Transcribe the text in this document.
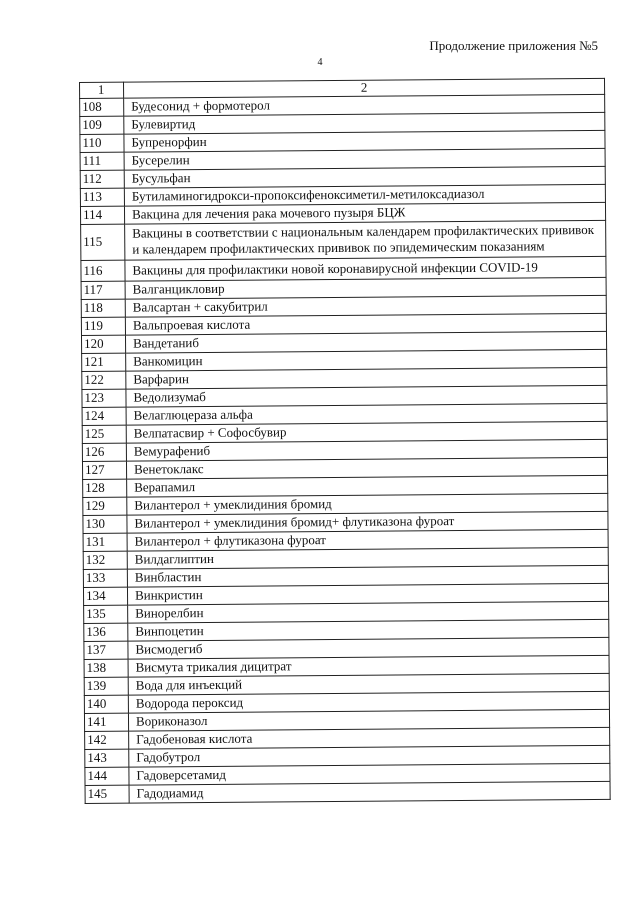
Продолжение приложения №5
4
1	2
108	Будесонид + формотерол
109	Булевиртид
110	Бупренорфин
111	Бусерелин
112	Бусульфан
113	Бутиламиногидрокси-пропоксифеноксиметил-метилоксадиазол
114	Вакцина для лечения рака мочевого пузыря БЦЖ
115	Вакцины в соответствии с национальным календарем профилактических прививок и календарем профилактических прививок по эпидемическим показаниям
116	Вакцины для профилактики новой коронавирусной инфекции COVID-19
117	Валганцикловир
118	Валсартан + сакубитрил
119	Вальпроевая кислота
120	Вандетаниб
121	Ванкомицин
122	Варфарин
123	Ведолизумаб
124	Велаглюцераза альфа
125	Велпатасвир + Софосбувир
126	Вемурафениб
127	Венетоклакс
128	Верапамил
129	Вилантерол + умеклидиния бромид
130	Вилантерол + умеклидиния бромид+ флутиказона фуроат
131	Вилантерол + флутиказона фуроат
132	Вилдаглиптин
133	Винбластин
134	Винкристин
135	Винорелбин
136	Винпоцетин
137	Висмодегиб
138	Висмута трикалия дицитрат
139	Вода для инъекций
140	Водорода пероксид
141	Вориконазол
142	Гадобеновая кислота
143	Гадобутрол
144	Гадоверсетамид
145	Гадодиамид
